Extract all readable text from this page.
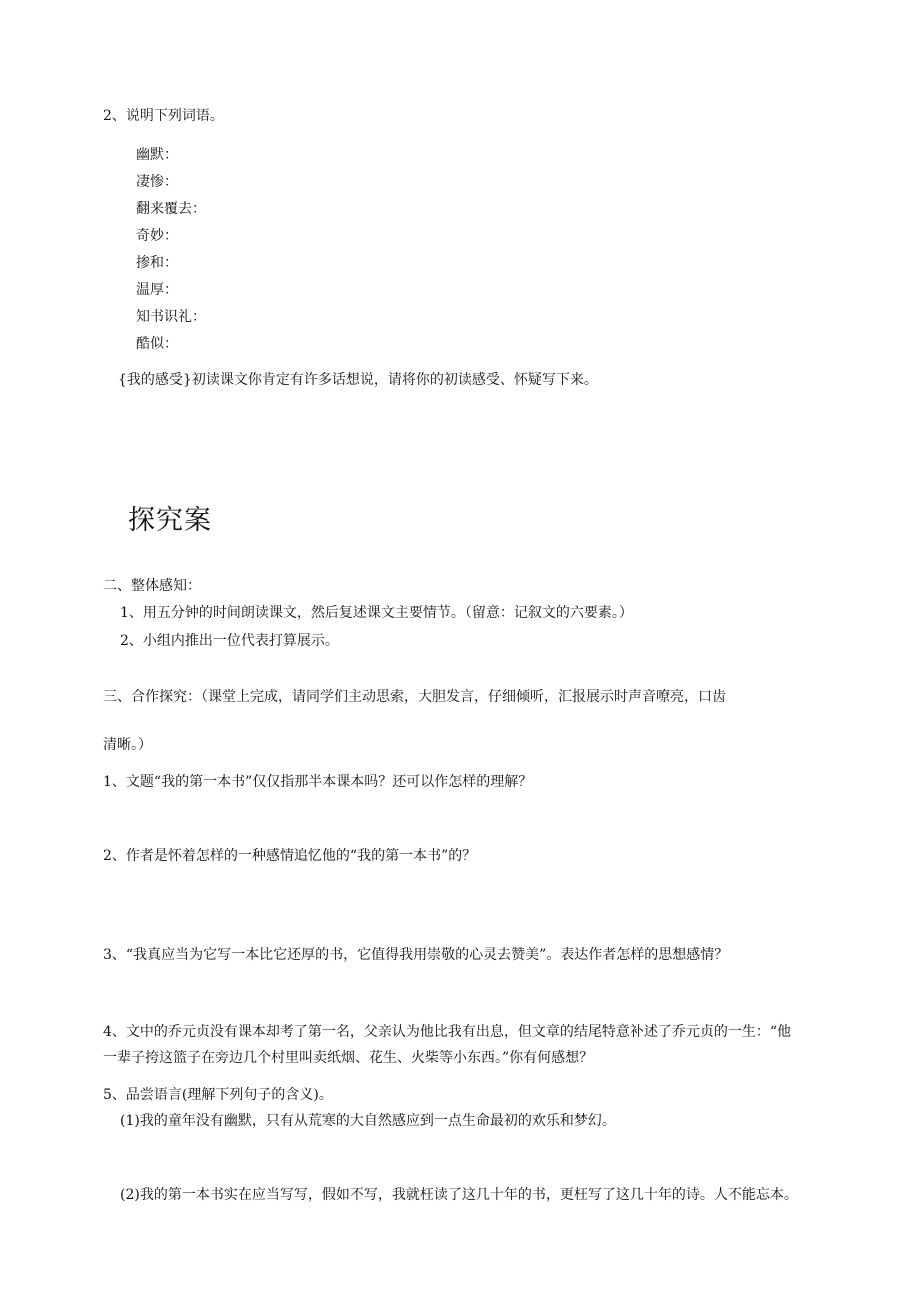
2、说明下列词语。
幽默：
凄惨：
翻来覆去：
奇妙：
掺和：
温厚：
知书识礼：
酷似：
{我的感受}初读课文你肯定有许多话想说，请将你的初读感受、怀疑写下来。
探究案
二、整体感知：
1、用五分钟的时间朗读课文，然后复述课文主要情节。（留意：记叙文的六要素。）
2、小组内推出一位代表打算展示。
三、合作探究：（课堂上完成，请同学们主动思索，大胆发言，仔细倾听，汇报展示时声音嘹亮，口齿
清晰。）
1、文题“我的第一本书”仅仅指那半本课本吗？还可以作怎样的理解？
2、作者是怀着怎样的一种感情追忆他的“我的第一本书”的？
3、“我真应当为它写一本比它还厚的书，它值得我用崇敬的心灵去赞美”。表达作者怎样的思想感情？
4、文中的乔元贞没有课本却考了第一名，父亲认为他比我有出息，但文章的结尾特意补述了乔元贞的一生：“他
一辈子挎这篮子在旁边几个村里叫卖纸烟、花生、火柴等小东西。”你有何感想？
5、品尝语言(理解下列句子的含义)。
(1)我的童年没有幽默，只有从荒寒的大自然感应到一点生命最初的欢乐和梦幻。
(2)我的第一本书实在应当写写，假如不写，我就枉读了这几十年的书，更枉写了这几十年的诗。人不能忘本。
